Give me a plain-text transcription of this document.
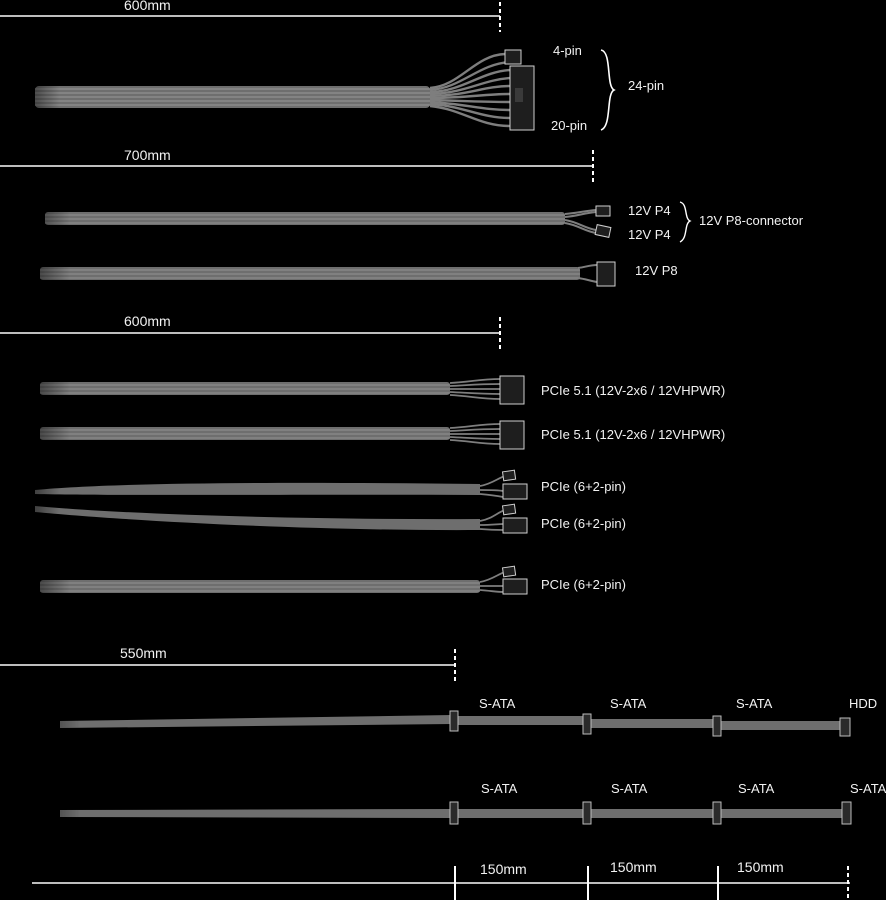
600mm
700mm
600mm
550mm
150mm	150mm	150mm
4-pin
20-pin
24-pin
12V P4
12V P4
12V P8-connector
12V P8
PCIe 5.1 (12V-2x6 / 12VHPWR)
PCIe 5.1 (12V-2x6 / 12VHPWR)
PCIe (6+2-pin)
PCIe (6+2-pin)
PCIe (6+2-pin)
S-ATA	S-ATA	S-ATA	HDD
S-ATA	S-ATA	S-ATA	S-ATA
